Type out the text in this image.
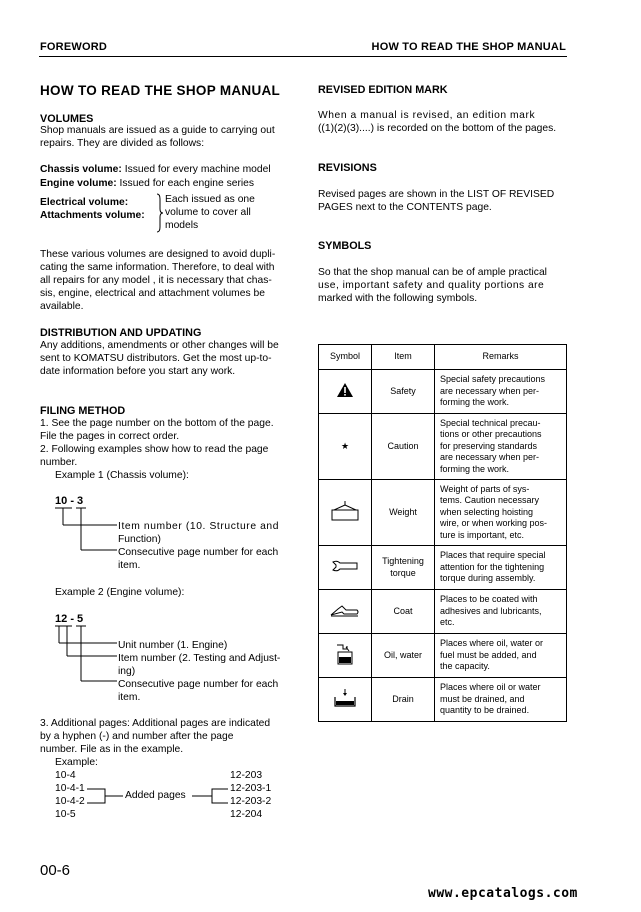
FOREWORD	HOW TO READ THE SHOP MANUAL
HOW TO READ THE SHOP MANUAL
VOLUMES
Shop manuals are issued as a guide to carrying out
repairs. They are divided as follows:
Chassis volume: Issued for every machine model
Engine volume: Issued for each engine series
Electrical volume:
Attachments volume:
Each issued as one
volume to cover all
models
These various volumes are designed to avoid dupli-
cating the same information. Therefore, to deal with
all repairs for any model , it is necessary that chas-
sis, engine, electrical and attachment volumes be
available.
DISTRIBUTION AND UPDATING
Any additions, amendments or other changes will be
sent to KOMATSU distributors. Get the most up-to-
date information before you start any work.
FILING METHOD
1. See the page number on the bottom of the page.
File the pages in correct order.
2. Following examples show how to read the page
number.
Example 1 (Chassis volume):
10 - 3
Item number (10. Structure and
Function)
Consecutive page number for each
item.
Example 2 (Engine volume):
12 - 5
Unit number (1. Engine)
Item number (2. Testing and Adjust-
ing)
Consecutive page number for each
item.
3. Additional pages: Additional pages are indicated
by a hyphen (-) and number after the page
number. File as in the example.
Example:
10-4
10-4-1
10-4-2
10-5
12-203
12-203-1
12-203-2
12-204
Added pages
REVISED EDITION MARK
When a manual is revised, an edition mark
((1)(2)(3)....) is recorded on the bottom of the pages.
REVISIONS
Revised pages are shown in the LIST OF REVISED
PAGES next to the CONTENTS page.
SYMBOLS
So that the shop manual can be of ample practical
use, important safety and quality portions are
marked with the following symbols.
Symbol	Item	Remarks
	Safety	Special safety precautions
are necessary when per-
forming the work.
★	Caution	Special technical precau-
tions or other precautions
for preserving standards
are necessary when per-
forming the work.
	Weight	Weight of parts of sys-
tems. Caution necessary
when selecting hoisting
wire, or when working pos-
ture is important, etc.
	Tightening
torque	Places that require special
attention for the tightening
torque during assembly.
	Coat	Places to be coated with
adhesives and lubricants,
etc.
	Oil, water	Places where oil, water or
fuel must be added, and
the capacity.
	Drain	Places where oil or water
must be drained, and
quantity to be drained.
00-6
www.epcatalogs.com
